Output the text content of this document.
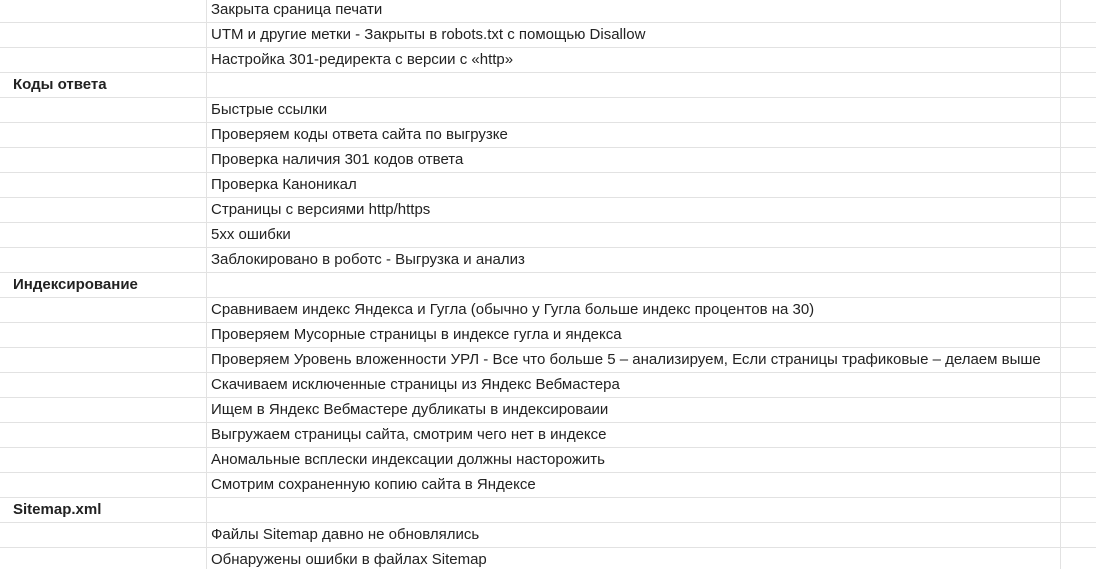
Закрыта сраница печати
UTM и другие метки - Закрыты в robots.txt с помощью Disallow
Настройка 301-редиректа с версии с «http»
Коды ответа
Быстрые ссылки
Проверяем коды ответа сайта по выгрузке
Проверка наличия 301 кодов ответа
Проверка Каноникал
Страницы с версиями http/https
5xx ошибки
Заблокировано в роботс - Выгрузка и анализ
Индексирование
Сравниваем индекс Яндекса и Гугла (обычно у Гугла больше индекс процентов на 30)
Проверяем Мусорные страницы в индексе гугла и яндекса
Проверяем Уровень вложенности УРЛ - Все что больше 5 – анализируем, Если страницы трафиковые – делаем выше
Скачиваем исключенные страницы из Яндекс Вебмастера
Ищем в Яндекс Вебмастере дубликаты в индексироваии
Выгружаем страницы сайта, смотрим чего нет в индексе
Аномальные всплески индексации должны насторожить
Смотрим сохраненную копию сайта в Яндексе
Sitemap.xml
Файлы Sitemap давно не обновлялись
Обнаружены ошибки в файлах Sitemap
